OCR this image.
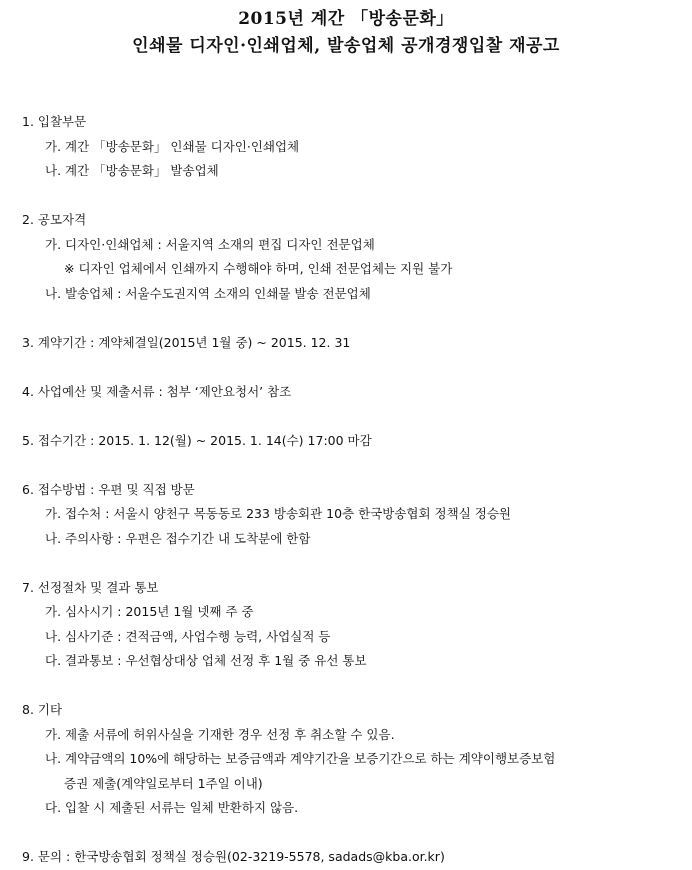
2015년 계간 「방송문화」
인쇄물 디자인·인쇄업체, 발송업체 공개경쟁입찰 재공고
1. 입찰부문
가. 계간 「방송문화」 인쇄물 디자인·인쇄업체
나. 계간 「방송문화」 발송업체
2. 공모자격
가. 디자인·인쇄업체 : 서울지역 소재의 편집 디자인 전문업체
※ 디자인 업체에서 인쇄까지 수행해야 하며, 인쇄 전문업체는 지원 불가
나. 발송업체 : 서울수도권지역 소재의 인쇄물 발송 전문업체
3. 계약기간 : 계약체결일(2015년 1월 중) ~ 2015. 12. 31
4. 사업예산 및 제출서류 : 첨부 ‘제안요청서’ 참조
5. 접수기간 : 2015. 1. 12(월) ~ 2015. 1. 14(수) 17:00 마감
6. 접수방법 : 우편 및 직접 방문
가. 접수처 : 서울시 양천구 목동동로 233 방송회관 10층 한국방송협회 정책실 정승원
나. 주의사항 : 우편은 접수기간 내 도착분에 한함
7. 선정절차 및 결과 통보
가. 심사시기 : 2015년 1월 넷째 주 중
나. 심사기준 : 견적금액, 사업수행 능력, 사업실적 등
다. 결과통보 : 우선협상대상 업체 선정 후 1월 중 유선 통보
8. 기타
가. 제출 서류에 허위사실을 기재한 경우 선정 후 취소할 수 있음.
나. 계약금액의 10%에 해당하는 보증금액과 계약기간을 보증기간으로 하는 계약이행보증보험
증권 제출(계약일로부터 1주일 이내)
다. 입찰 시 제출된 서류는 일체 반환하지 않음.
9. 문의 : 한국방송협회 정책실 정승원(02-3219-5578, sadads@kba.or.kr)
